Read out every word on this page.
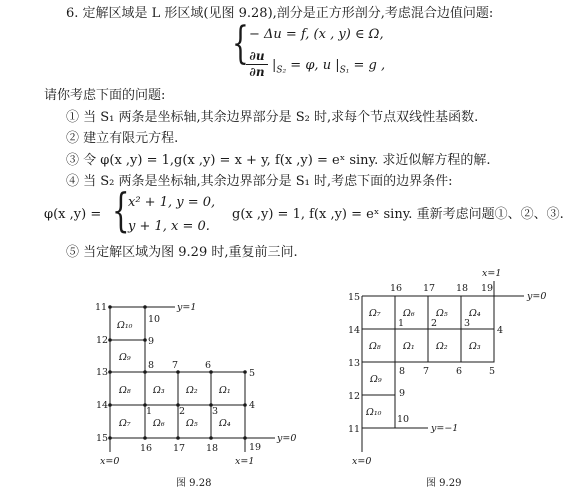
6. 定解区域是 L 形区域(见图 9.28),剖分是正方形剖分,考虑混合边值问题:
{ − Δu = f, (x , y) ∈ Ω,
∂u
∂n $|_{S_2} = \varphi$, u $|_{S_1} = g$ ,
请你考虑下面的问题:
① 当 S₁ 两条是坐标轴,其余边界部分是 S₂ 时,求每个节点双线性基函数.
② 建立有限元方程.
③ 令 φ(x ,y) = 1,g(x ,y) = x + y, f(x ,y) = eˣ siny. 求近似解方程的解.
④ 当 S₂ 两条是坐标轴,其余边界部分是 S₁ 时,考虑下面的边界条件:
φ(x ,y) = {
x² + 1, y = 0,
y + 1, x = 0.
g(x ,y) = 1, f(x ,y) = eˣ siny. 重新考虑问题①、②、③.
⑤ 当定解区域为图 9.29 时,重复前三问.
11
10
12	9
13
8 7	6
5
14
1	2	3
4
15
16 17 18	19
Ω₁₀
Ω₉
Ω₈ Ω₃ Ω₂ Ω₁
Ω₇ Ω₆ Ω₅ Ω₄
y=1
y=0
x=0	x=1
图 9.28
15
16 17 18 19
14
1	2	3
4
13
8 7	6	5
12	9
10
11
Ω₇ Ω₆ Ω₅ Ω₄
Ω₈ Ω₁ Ω₂ Ω₃
Ω₉
Ω₁₀
x=1
y=0
y=−1
x=0
图 9.29
